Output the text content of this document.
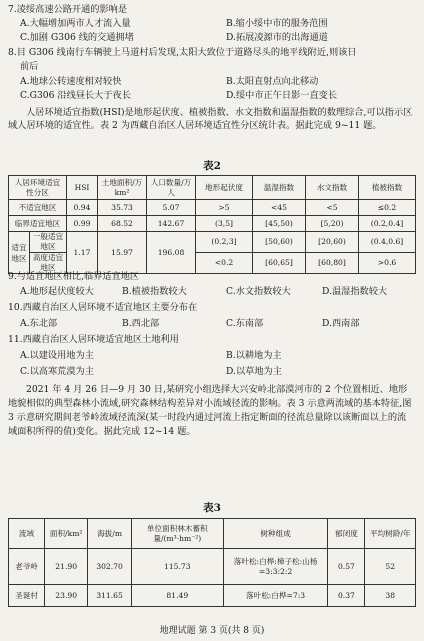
7.凌绥高速公路开通的影响是
A.大幅增加两市人才流入量	B.缩小绥中市的服务范围
C.加剧 G306 线的交通拥堵	D.拓展凌源市的出海通道
8.目 G306 线南行车辆驶上马道村后发现,太阳大致位于道路尽头的地平线附近,则该日
前后
A.地球公转速度相对较快	B.太阳直射点向北移动
C.G306 沿线昼长大于夜长	D.绥中市正午日影一直变长
人居环境适宜指数(HSI)是地形起伏度、植被指数、水文指数和温湿指数的数理综合,可以指示区域人居环境的适宜性。表 2 为西藏自治区人居环境适宜性分区统计表。据此完成 9~11 题。
表2
人居环境适宜性分区		HSI	土地面积/万km²	人口数量/万人	地形起伏度	温湿指数	水文指数	植被指数
不适宜地区		0.94	35.73	5.07	>5	<45	<5	≤0.2
临界适宜地区		0.99	68.52	142.67	(3,5]	[45,50)	[5,20)	(0.2,0.4]
适宜地区	一般适宜地区	1.17	15.97	196.08	(0.2,3]	[50,60)	[20,60)	(0.4,0.6]
	高度适宜地区				<0.2	[60,65]	[60,80]	>0.6
9.与适宜地区相比,临界适宜地区
A.地形起伏度较大	B.植被指数较大	C.水文指数较大	D.温湿指数较大
10.西藏自治区人居环境不适宜地区主要分布在
A.东北部	B.西北部	C.东南部	D.西南部
11.西藏自治区人居环境适宜地区土地利用
A.以建设用地为主	B.以耕地为主
C.以高寒荒漠为主	D.以草地为主
2021 年 4 月 26 日—9 月 30 日,某研究小组选择大兴安岭北部漠河市的 2 个位置相近、地形地貌相似的典型森林小流域,研究森林结构差异对小流域径流的影响。表 3 示意两流域的基本特征,图 3 示意研究期间老爷岭流域径流深(某一时段内通过河流上指定断面的径流总量除以该断面以上的流域面积所得的值)变化。据此完成 12~14 题。
表3
流域	面积/km²	海拔/m	单位面积林木蓄积量/(m³·hm⁻²)	树种组成	郁闭度	平均树龄/年
老爷岭	21.90	302.70	115.73	落叶松:白桦:樟子松:山杨=3:3:2:2	0.57	52
圣诞村	23.90	311.65	81.49	落叶松:白桦=7:3	0.37	38
地理试题 第 3 页(共 8 页)
